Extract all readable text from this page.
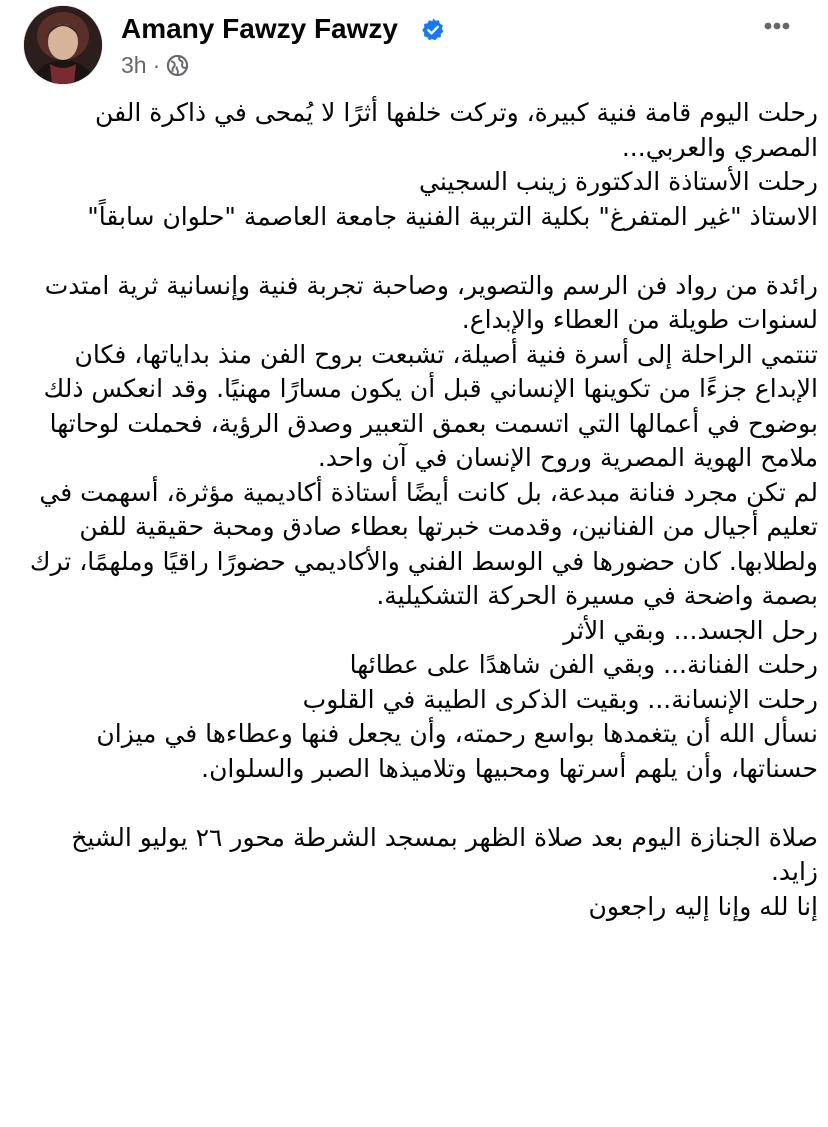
Amany Fawzy Fawzy
3h ·

رحلت اليوم قامة فنية كبيرة، وتركت خلفها أثرًا لا يُمحى في ذاكرة الفن المصري والعربي...

رحلت الأستاذة الدكتورة زينب السجيني

الاستاذ "غير المتفرغ" بكلية التربية الفنية جامعة العاصمة "حلوان سابقاً"

رائدة من رواد فن الرسم والتصوير، وصاحبة تجربة فنية وإنسانية ثرية امتدت لسنوات طويلة من العطاء والإبداع.

تنتمي الراحلة إلى أسرة فنية أصيلة، تشبعت بروح الفن منذ بداياتها، فكان الإبداع جزءًا من تكوينها الإنساني قبل أن يكون مسارًا مهنيًا. وقد انعكس ذلك بوضوح في أعمالها التي اتسمت بعمق التعبير وصدق الرؤية، فحملت لوحاتها ملامح الهوية المصرية وروح الإنسان في آن واحد.

لم تكن مجرد فنانة مبدعة، بل كانت أيضًا أستاذة أكاديمية مؤثرة، أسهمت في تعليم أجيال من الفنانين، وقدمت خبرتها بعطاء صادق ومحبة حقيقية للفن ولطلابها. كان حضورها في الوسط الفني والأكاديمي حضورًا راقيًا وملهمًا، ترك بصمة واضحة في مسيرة الحركة التشكيلية.

رحل الجسد... وبقي الأثر

رحلت الفنانة... وبقي الفن شاهدًا على عطائها

رحلت الإنسانة... وبقيت الذكرى الطيبة في القلوب

نسأل الله أن يتغمدها بواسع رحمته، وأن يجعل فنها وعطاءها في ميزان حسناتها، وأن يلهم أسرتها ومحبيها وتلاميذها الصبر والسلوان.

صلاة الجنازة اليوم بعد صلاة الظهر بمسجد الشرطة محور ٢٦ يوليو الشيخ زايد.

إنا لله وإنا إليه راجعون
